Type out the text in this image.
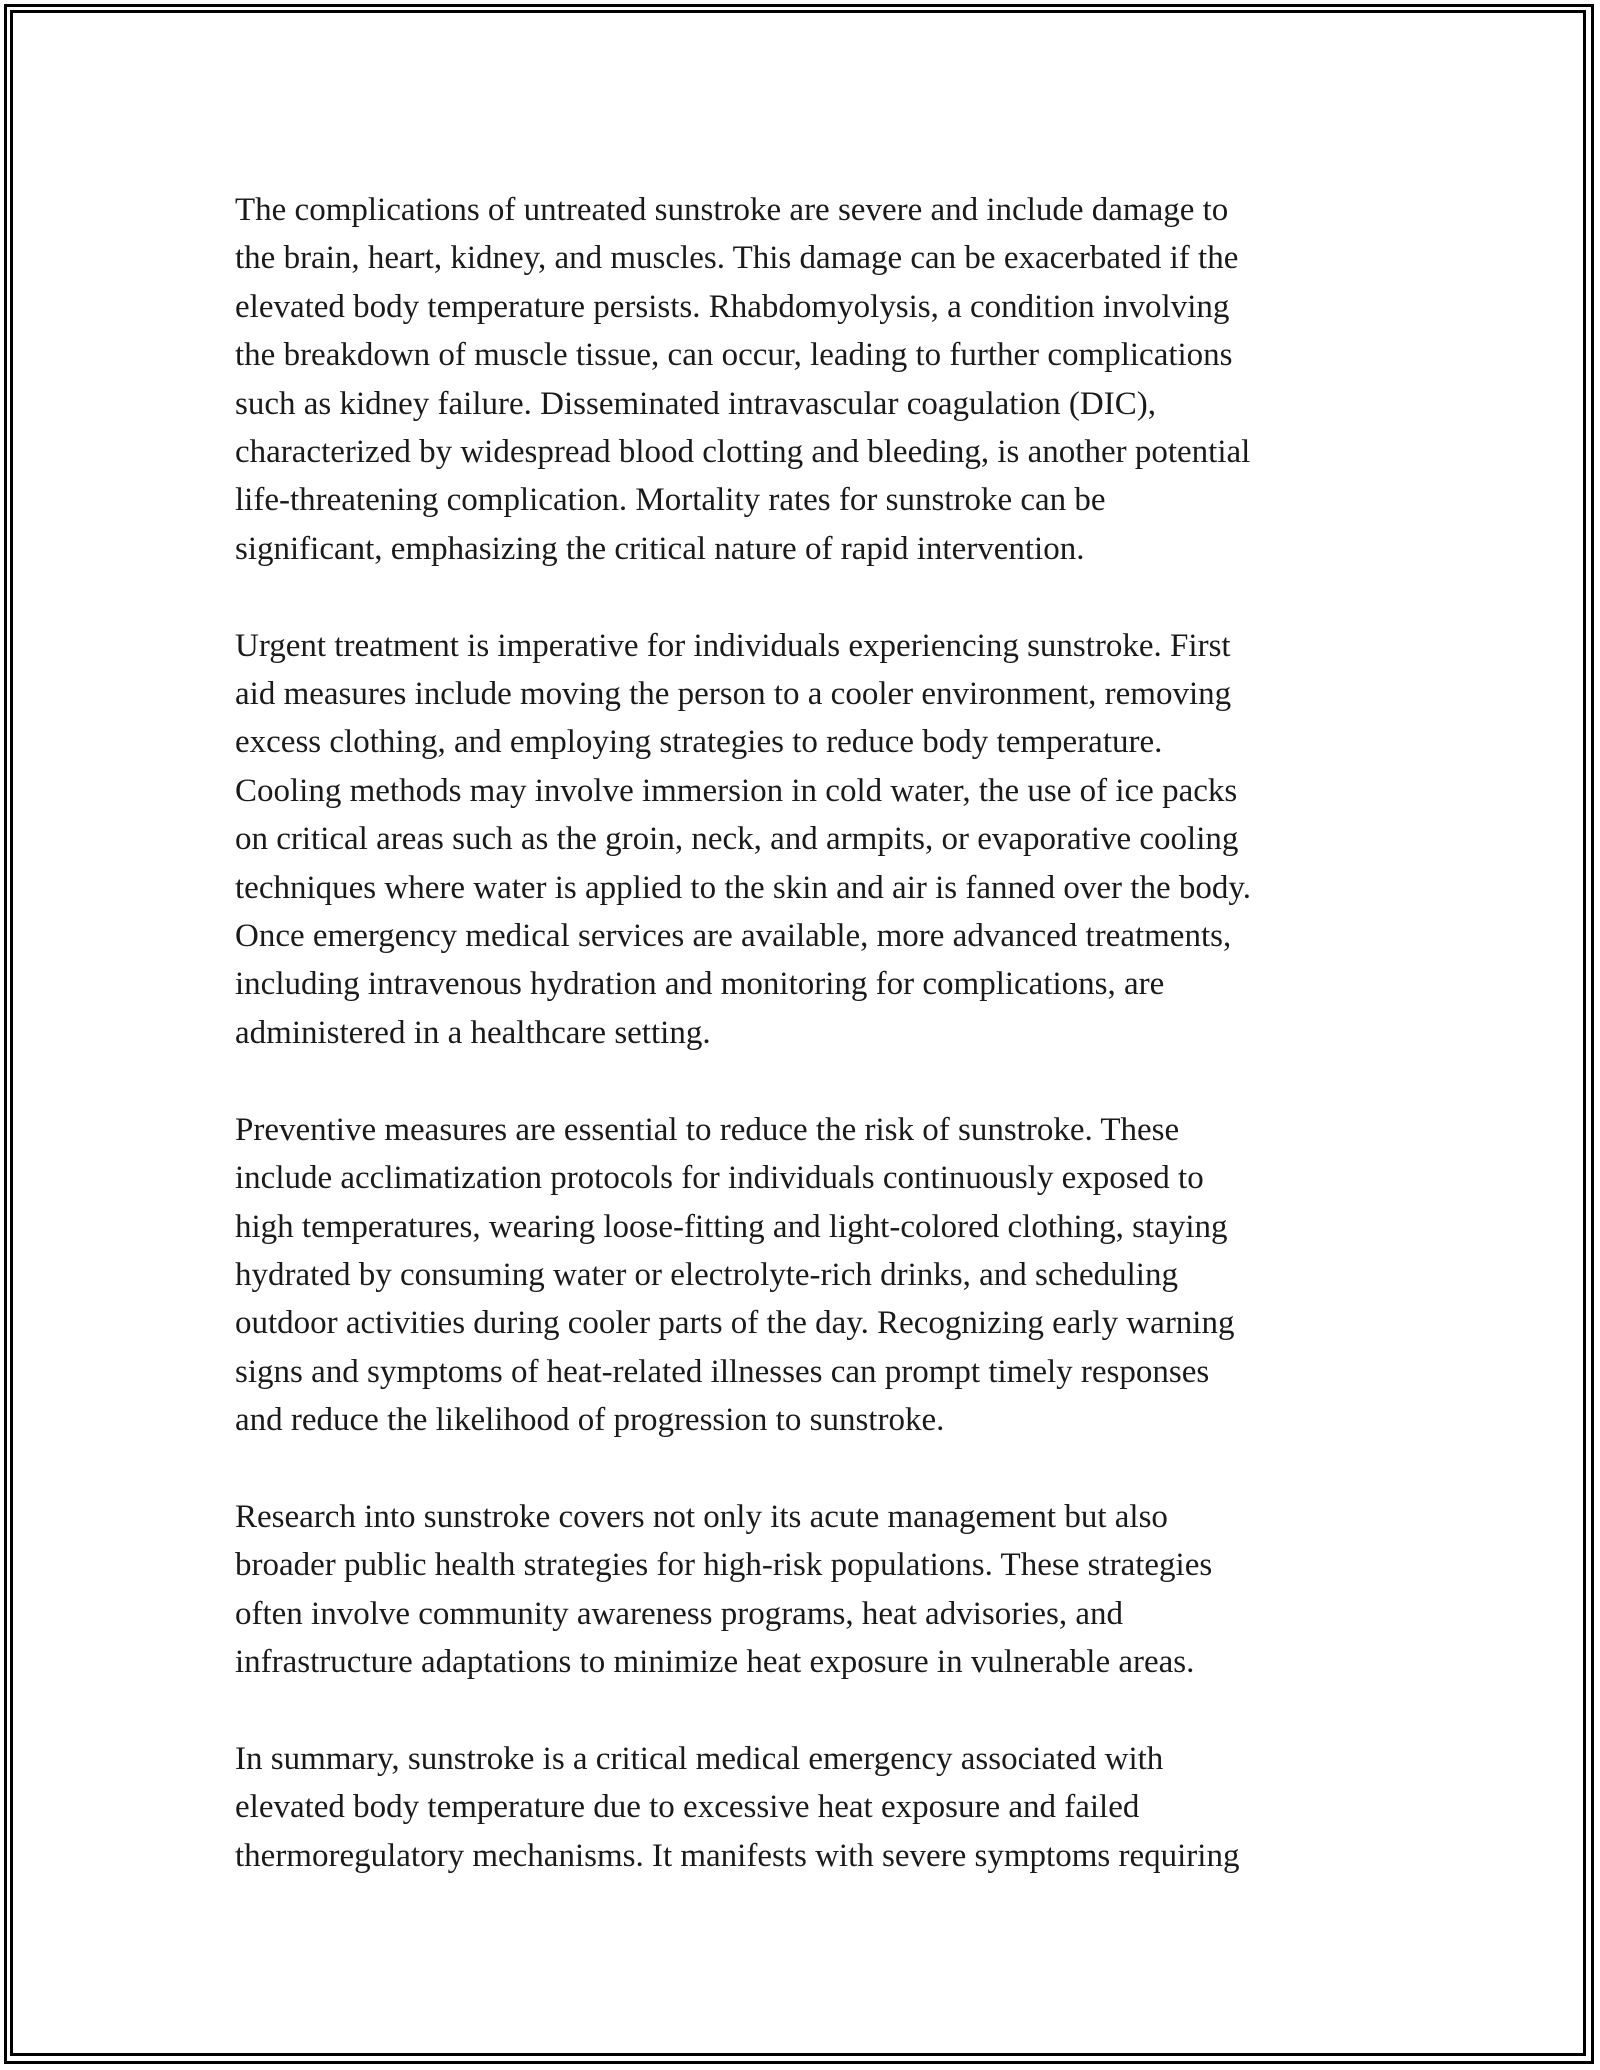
The complications of untreated sunstroke are severe and include damage to
the brain, heart, kidney, and muscles. This damage can be exacerbated if the
elevated body temperature persists. Rhabdomyolysis, a condition involving
the breakdown of muscle tissue, can occur, leading to further complications
such as kidney failure. Disseminated intravascular coagulation (DIC),
characterized by widespread blood clotting and bleeding, is another potential
life-threatening complication. Mortality rates for sunstroke can be
significant, emphasizing the critical nature of rapid intervention.

Urgent treatment is imperative for individuals experiencing sunstroke. First
aid measures include moving the person to a cooler environment, removing
excess clothing, and employing strategies to reduce body temperature.
Cooling methods may involve immersion in cold water, the use of ice packs
on critical areas such as the groin, neck, and armpits, or evaporative cooling
techniques where water is applied to the skin and air is fanned over the body.
Once emergency medical services are available, more advanced treatments,
including intravenous hydration and monitoring for complications, are
administered in a healthcare setting.

Preventive measures are essential to reduce the risk of sunstroke. These
include acclimatization protocols for individuals continuously exposed to
high temperatures, wearing loose-fitting and light-colored clothing, staying
hydrated by consuming water or electrolyte-rich drinks, and scheduling
outdoor activities during cooler parts of the day. Recognizing early warning
signs and symptoms of heat-related illnesses can prompt timely responses
and reduce the likelihood of progression to sunstroke.

Research into sunstroke covers not only its acute management but also
broader public health strategies for high-risk populations. These strategies
often involve community awareness programs, heat advisories, and
infrastructure adaptations to minimize heat exposure in vulnerable areas.

In summary, sunstroke is a critical medical emergency associated with
elevated body temperature due to excessive heat exposure and failed
thermoregulatory mechanisms. It manifests with severe symptoms requiring
